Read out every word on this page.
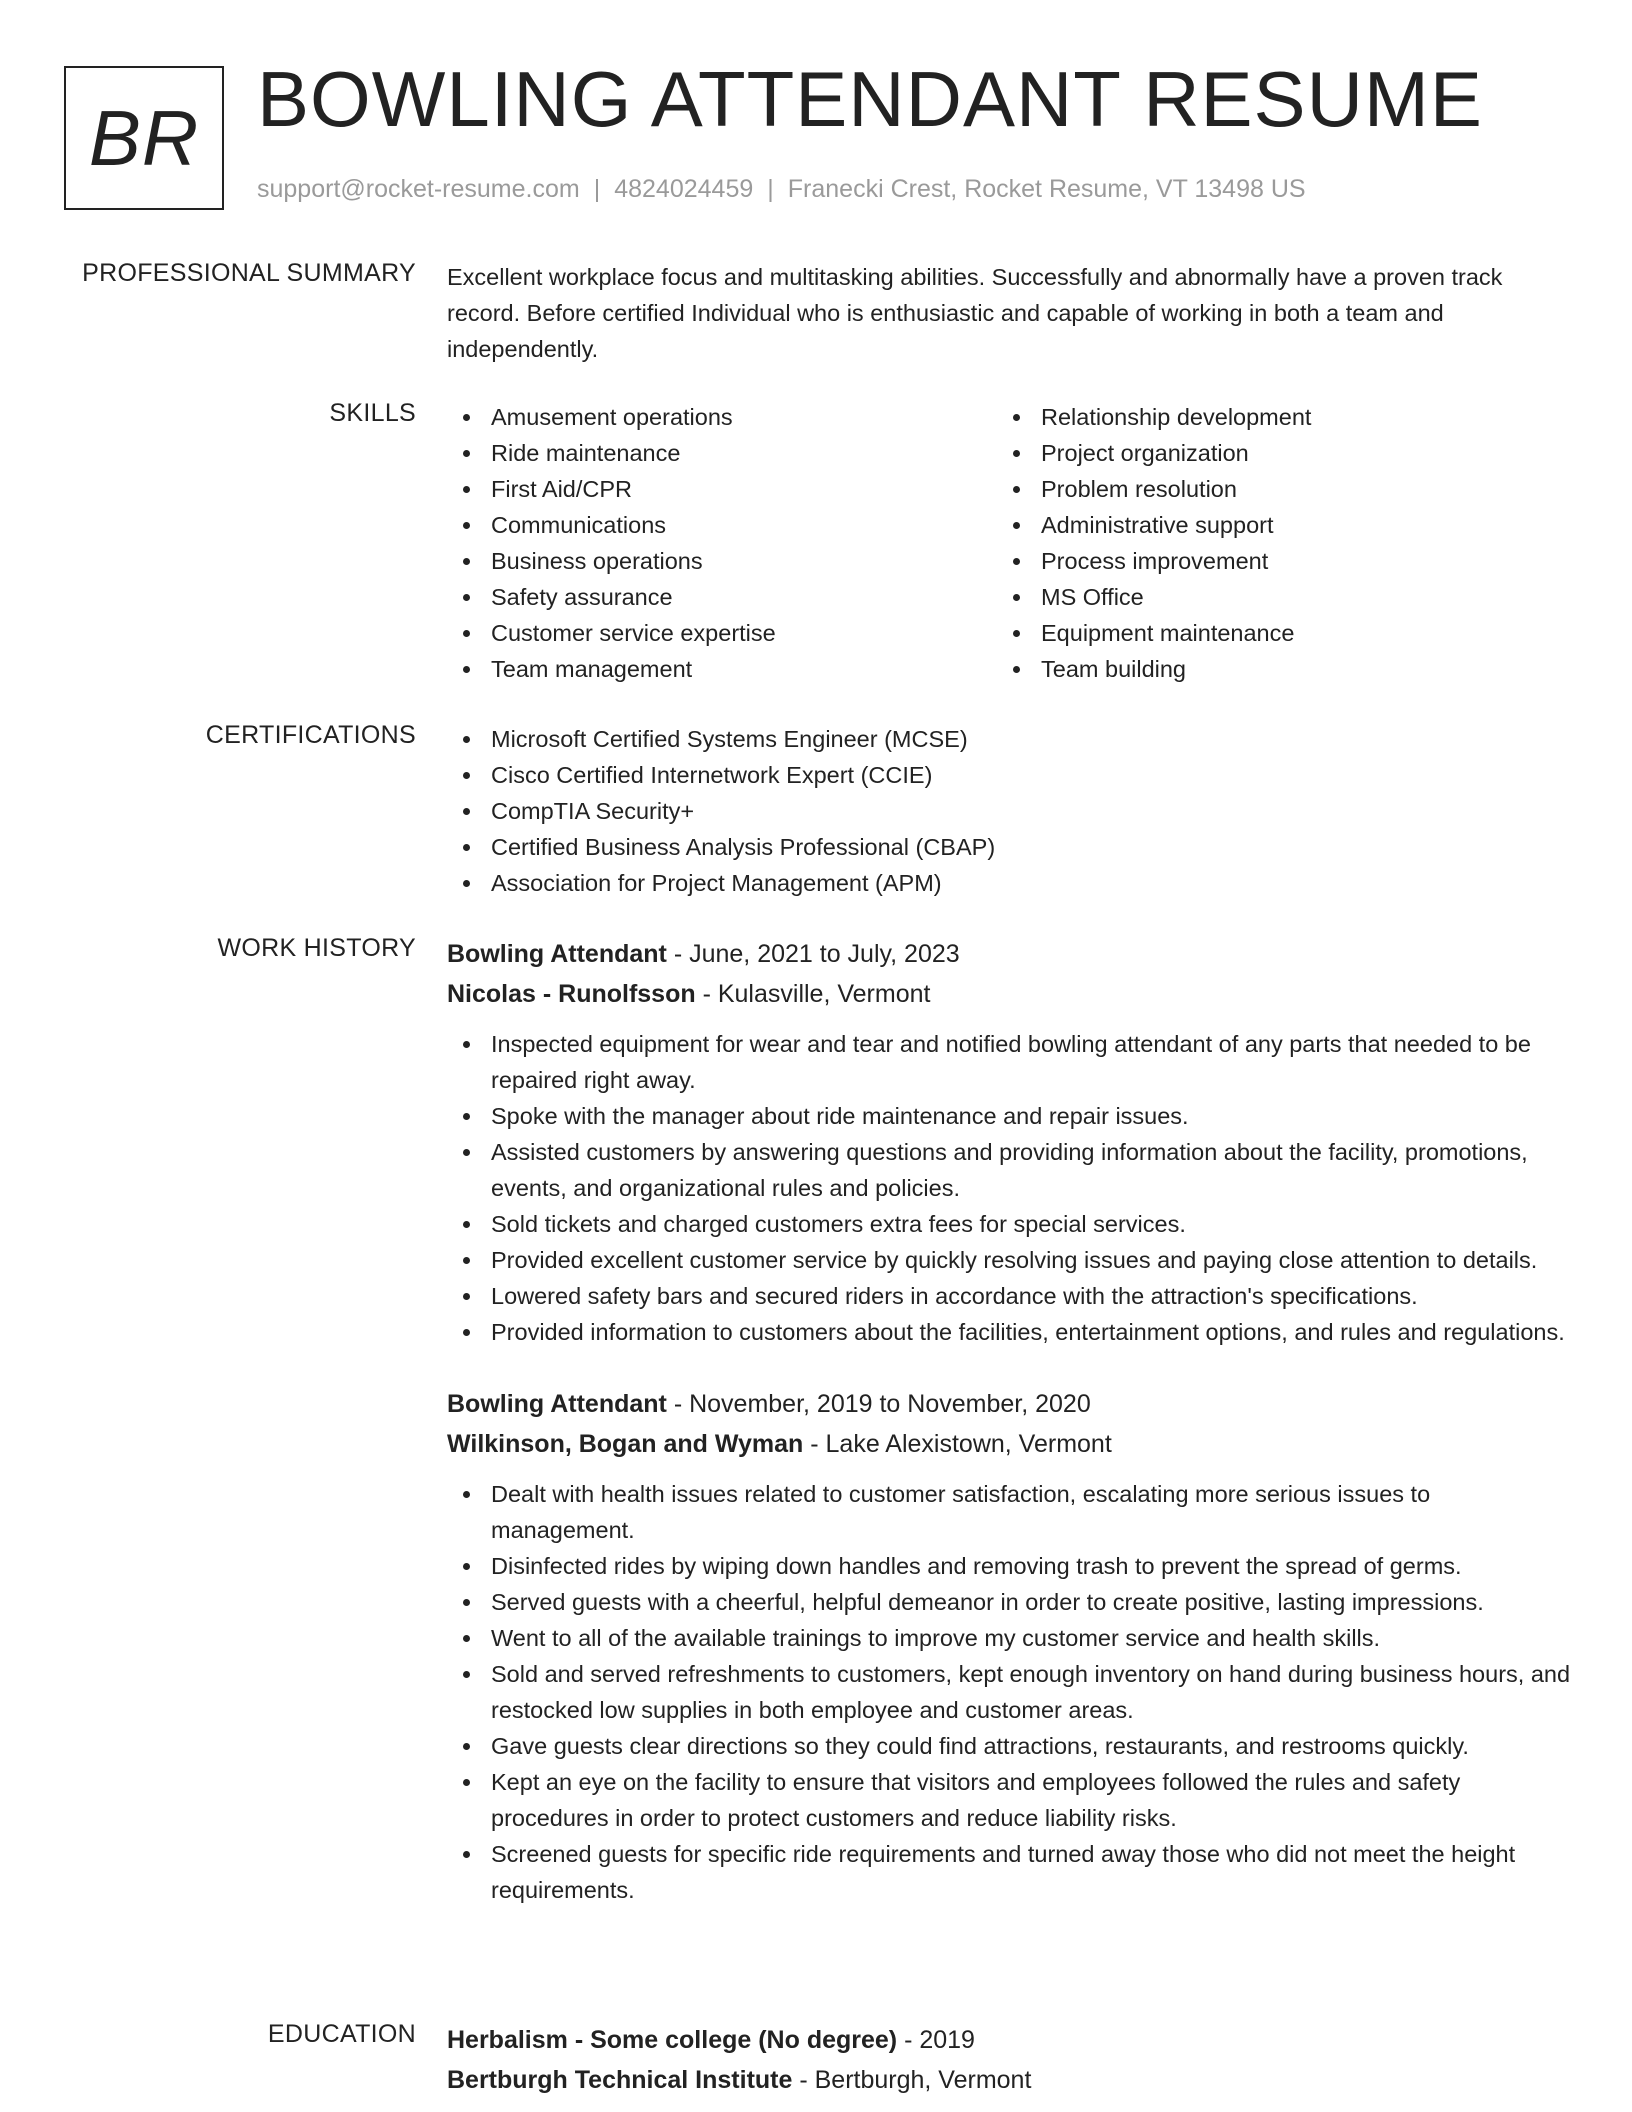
BR BOWLING ATTENDANT RESUME
support@rocket-resume.com | 4824024459 | Franecki Crest, Rocket Resume, VT 13498 US
PROFESSIONAL SUMMARY Excellent workplace focus and multitasking abilities. Successfully and abnormally have a proven track record. Before certified Individual who is enthusiastic and capable of working in both a team and independently.
SKILLS	Amusement operations
Ride maintenance
First Aid/CPR
Communications
Business operations
Safety assurance
Customer service expertise
Team management
Relationship development
Project organization
Problem resolution
Administrative support
Process improvement
MS Office
Equipment maintenance
Team building
CERTIFICATIONS	Microsoft Certified Systems Engineer (MCSE)
Cisco Certified Internetwork Expert (CCIE)
CompTIA Security+
Certified Business Analysis Professional (CBAP)
Association for Project Management (APM)
WORK HISTORY Bowling Attendant - June, 2021 to July, 2023
Nicolas - Runolfsson - Kulasville, Vermont
Inspected equipment for wear and tear and notified bowling attendant of any parts that needed to be repaired right away.
Spoke with the manager about ride maintenance and repair issues.
Assisted customers by answering questions and providing information about the facility, promotions, events, and organizational rules and policies.
Sold tickets and charged customers extra fees for special services.
Provided excellent customer service by quickly resolving issues and paying close attention to details.
Lowered safety bars and secured riders in accordance with the attraction's specifications.
Provided information to customers about the facilities, entertainment options, and rules and regulations.
Bowling Attendant - November, 2019 to November, 2020
Wilkinson, Bogan and Wyman - Lake Alexistown, Vermont
Dealt with health issues related to customer satisfaction, escalating more serious issues to management.
Disinfected rides by wiping down handles and removing trash to prevent the spread of germs.
Served guests with a cheerful, helpful demeanor in order to create positive, lasting impressions.
Went to all of the available trainings to improve my customer service and health skills.
Sold and served refreshments to customers, kept enough inventory on hand during business hours, and restocked low supplies in both employee and customer areas.
Gave guests clear directions so they could find attractions, restaurants, and restrooms quickly.
Kept an eye on the facility to ensure that visitors and employees followed the rules and safety procedures in order to protect customers and reduce liability risks.
Screened guests for specific ride requirements and turned away those who did not meet the height requirements.
EDUCATION Herbalism - Some college (No degree) - 2019
Bertburgh Technical Institute - Bertburgh, Vermont
